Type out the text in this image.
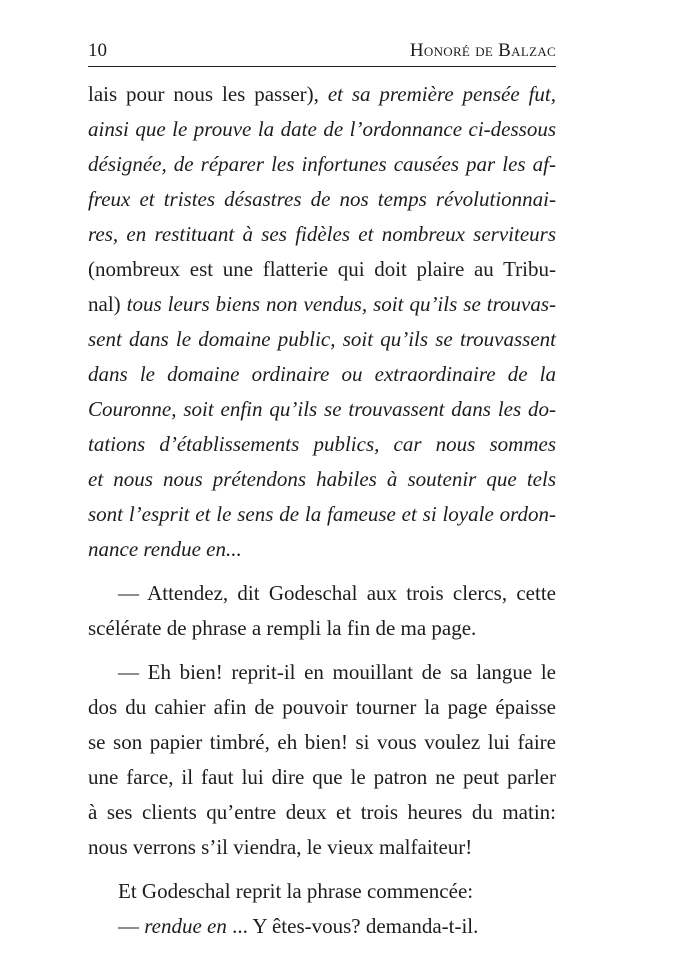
10	Honoré de Balzac
lais pour nous les passer), et sa première pensée fut,
ainsi que le prouve la date de l’ordonnance ci-dessous
désignée, de réparer les infortunes causées par les af-
freux et tristes désastres de nos temps révolutionnai-
res, en restituant à ses fidèles et nombreux serviteurs
(nombreux est une flatterie qui doit plaire au Tribu-
nal) tous leurs biens non vendus, soit qu’ils se trouvas-
sent dans le domaine public, soit qu’ils se trouvassent
dans le domaine ordinaire ou extraordinaire de la
Couronne, soit enfin qu’ils se trouvassent dans les do-
tations d’établissements publics, car nous sommes
et nous nous prétendons habiles à soutenir que tels
sont l’esprit et le sens de la fameuse et si loyale ordon-
nance rendue en...
— Attendez, dit Godeschal aux trois clercs, cette
scélérate de phrase a rempli la fin de ma page.
— Eh bien! reprit-il en mouillant de sa langue le
dos du cahier afin de pouvoir tourner la page épaisse
se son papier timbré, eh bien! si vous voulez lui faire
une farce, il faut lui dire que le patron ne peut parler
à ses clients qu’entre deux et trois heures du matin:
nous verrons s’il viendra, le vieux malfaiteur!
Et Godeschal reprit la phrase commencée:
— rendue en ... Y êtes-vous? demanda-t-il.
